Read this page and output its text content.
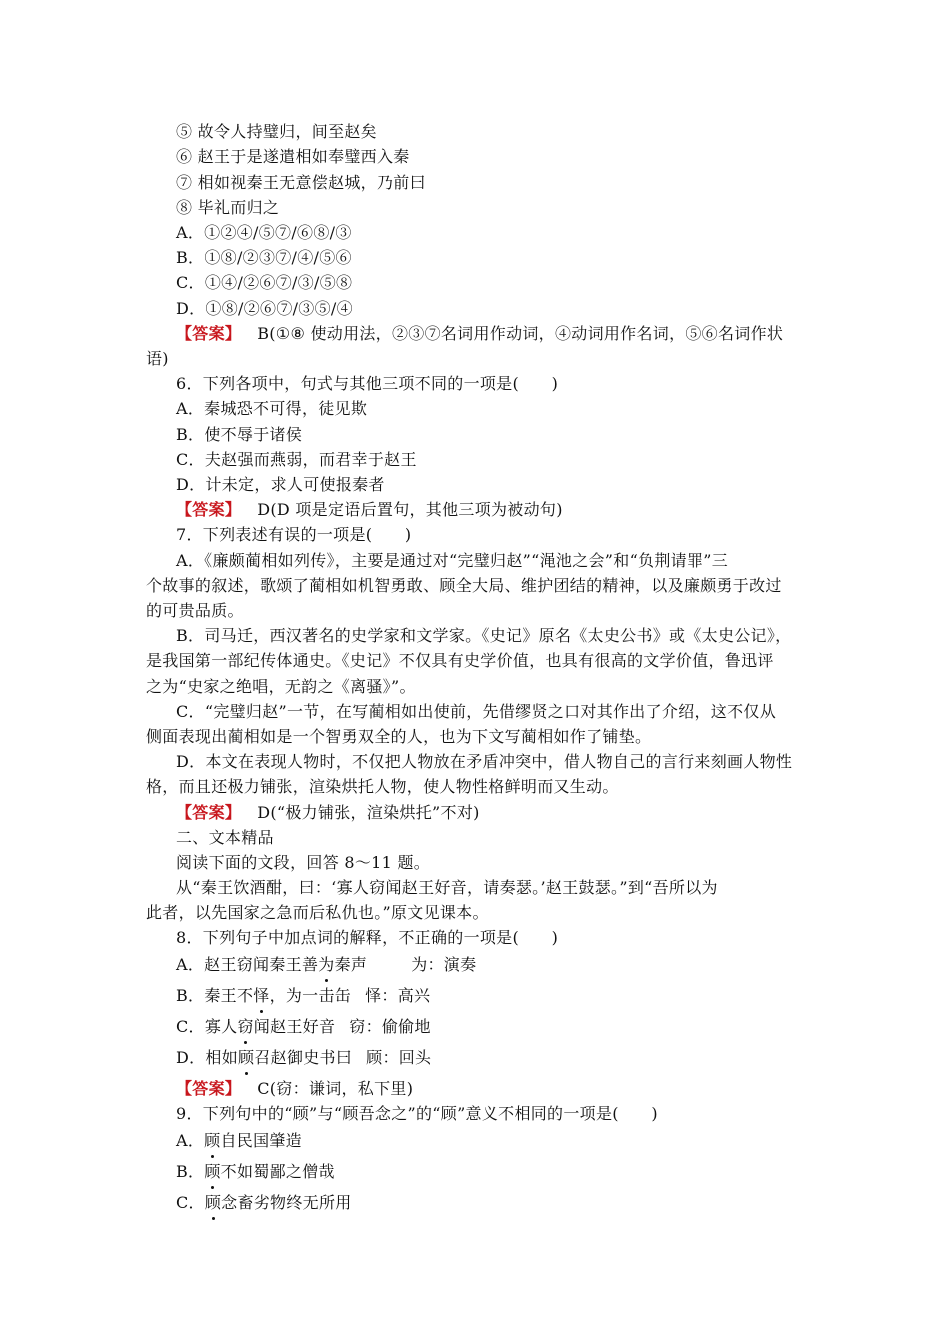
⑤ 故令人持璧归，间至赵矣
⑥ 赵王于是遂遣相如奉璧西入秦
⑦ 相如视秦王无意偿赵城，乃前曰
⑧ 毕礼而归之
A．①②④/⑤⑦/⑥⑧/③
B．①⑧/②③⑦/④/⑤⑥
C．①④/②⑥⑦/③/⑤⑧
D．①⑧/②⑥⑦/③⑤/④
【答案】 B(①⑧ 使动用法，②③⑦名词用作动词，④动词用作名词，⑤⑥名词作状
语)
6．下列各项中，句式与其他三项不同的一项是(　　)
A．秦城恐不可得，徒见欺
B．使不辱于诸侯
C．夫赵强而燕弱，而君幸于赵王
D．计未定，求人可使报秦者
【答案】 D(D 项是定语后置句，其他三项为被动句)
7．下列表述有误的一项是(　　)
A．《廉颇蔺相如列传》，主要是通过对“完璧归赵”“渑池之会”和“负荆请罪”三
个故事的叙述，歌颂了蔺相如机智勇敢、顾全大局、维护团结的精神，以及廉颇勇于改过
的可贵品质。
B．司马迁，西汉著名的史学家和文学家。《史记》原名《太史公书》或《太史公记》，
是我国第一部纪传体通史。《史记》不仅具有史学价值，也具有很高的文学价值，鲁迅评
之为“史家之绝唱，无韵之《离骚》”。
C．“完璧归赵”一节，在写蔺相如出使前，先借缪贤之口对其作出了介绍，这不仅从
侧面表现出蔺相如是一个智勇双全的人，也为下文写蔺相如作了铺垫。
D．本文在表现人物时，不仅把人物放在矛盾冲突中，借人物自己的言行来刻画人物性
格，而且还极力铺张，渲染烘托人物，使人物性格鲜明而又生动。
【答案】 D(“极力铺张，渲染烘托”不对)
二、文本精品
阅读下面的文段，回答 8～11 题。
从“秦王饮酒酣，曰：‘寡人窃闻赵王好音，请奏瑟。’赵王鼓瑟。”到“吾所以为
此者，以先国家之急而后私仇也。”原文见课本。
8．下列句子中加点词的解释，不正确的一项是(　　)
A．赵王窃闻秦王善为秦声	为：演奏
B．秦王不怿，为一击缶 怿：高兴
C．寡人窃闻赵王好音 窃：偷偷地
D．相如顾召赵御史书曰 顾：回头
【答案】 C(窃：谦词，私下里)
9．下列句中的“顾”与“顾吾念之”的“顾”意义不相同的一项是(　　)
A．顾自民国肇造
B．顾不如蜀鄙之僧哉
C．顾念畜劣物终无所用
